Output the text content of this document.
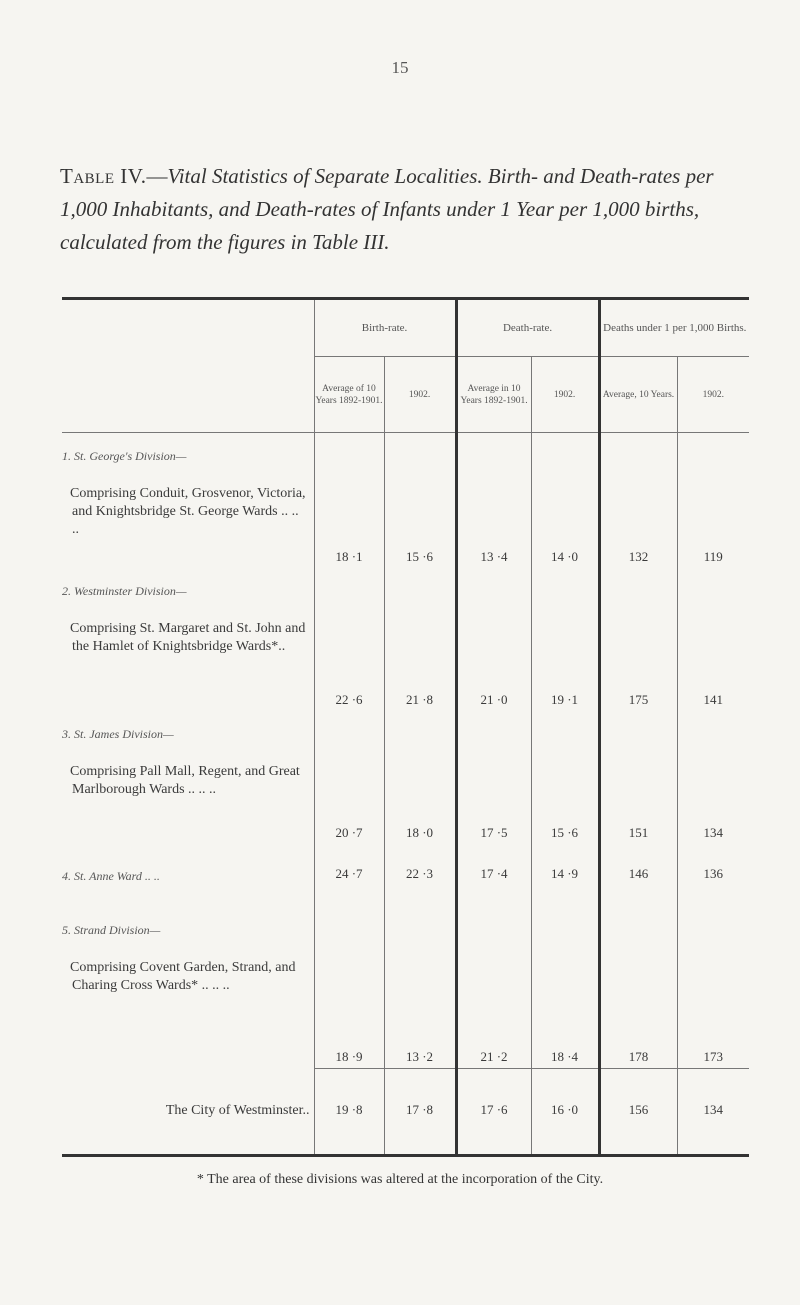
15
Table IV.—Vital Statistics of Separate Localities. Birth- and Death-rates per 1,000 Inhabitants, and Death-rates of Infants under 1 Year per 1,000 births, calculated from the figures in Table III.
	Birth-rate.		Death-rate.		Deaths under 1 per 1,000 Births.	
	Average of 10 Years 1892-1901.	1902.	Average in 10 Years 1892-1901.	1902.	Average, 10 Years.	1902.

1. St. George's Division—
Comprising Conduit, Grosvenor, Victoria, and Knightsbridge St. George Wards .. .. ..	18 ·1	15 ·6	13 ·4	14 ·0	132	119

2. Westminster Division—
Comprising St. Margaret and St. John and the Hamlet of Knightsbridge Wards*..	22 ·6	21 ·8	21 ·0	19 ·1	175	141

3. St. James Division—
Comprising Pall Mall, Regent, and Great Marlborough Wards .. .. ..	20 ·7	18 ·0	17 ·5	15 ·6	151	134

4. St. Anne Ward .. ..	24 ·7	22 ·3	17 ·4	14 ·9	146	136

5. Strand Division—
Comprising Covent Garden, Strand, and Charing Cross Wards* .. .. ..	18 ·9	13 ·2	21 ·2	18 ·4	178	173
The City of Westminster..	19 ·8	17 ·8	17 ·6	16 ·0	156	134
* The area of these divisions was altered at the incorporation of the City.
